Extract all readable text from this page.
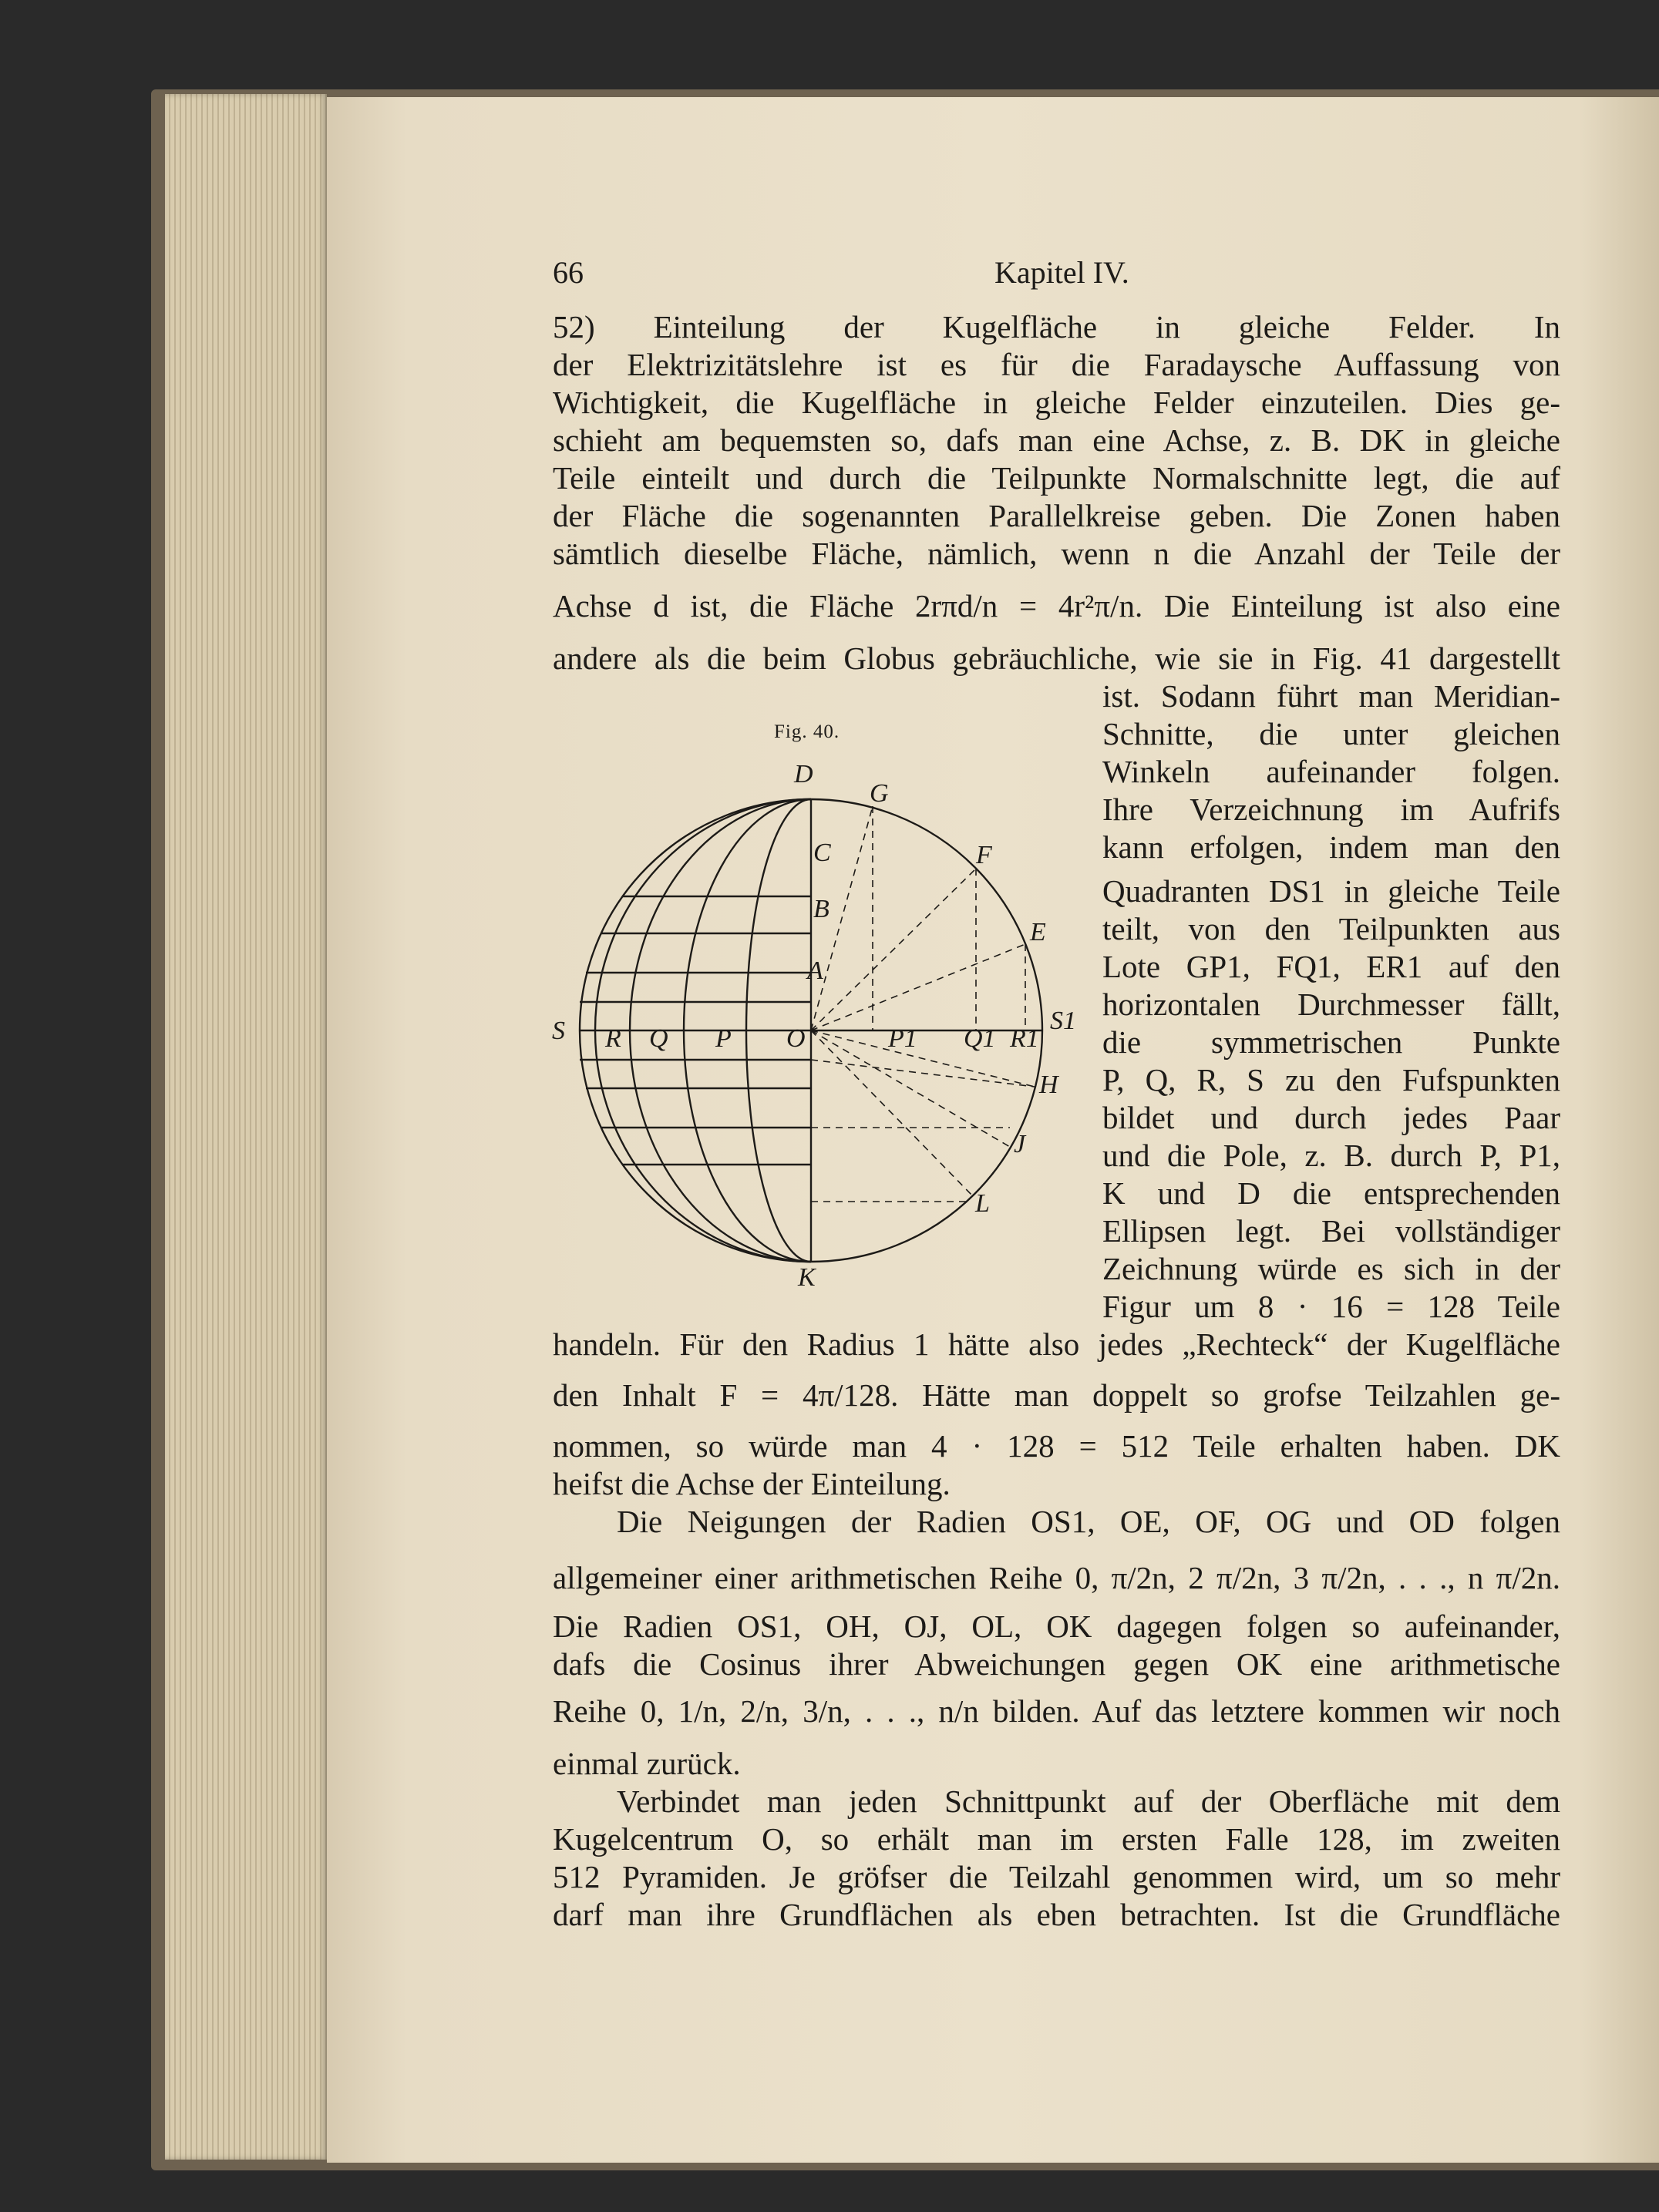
66	Kapitel IV.
52) Einteilung der Kugelfläche in gleiche Felder. In
der Elektrizitätslehre ist es für die Faradaysche Auffassung von
Wichtigkeit, die Kugelfläche in gleiche Felder einzuteilen. Dies ge-
schieht am bequemsten so, dafs man eine Achse, z. B. DK in gleiche
Teile einteilt und durch die Teilpunkte Normalschnitte legt, die auf
der Fläche die sogenannten Parallelkreise geben. Die Zonen haben
sämtlich dieselbe Fläche, nämlich, wenn n die Anzahl der Teile der
Achse d ist, die Fläche 2rπd/n = 4r²π/n. Die Einteilung ist also eine
andere als die beim Globus gebräuchliche, wie sie in Fig. 41 dargestellt
ist. Sodann führt man Meridian-
Schnitte, die unter gleichen
Winkeln aufeinander folgen.
Ihre Verzeichnung im Aufrifs
kann erfolgen, indem man den
Quadranten DS1 in gleiche Teile
teilt, von den Teilpunkten aus
Lote GP1, FQ1, ER1 auf den
horizontalen Durchmesser fällt,
die symmetrischen Punkte
P, Q, R, S zu den Fufspunkten
bildet und durch jedes Paar
und die Pole, z. B. durch P, P1,
K und D die entsprechenden
Ellipsen legt. Bei vollständiger
Zeichnung würde es sich in der
Figur um 8 · 16 = 128 Teile
handeln. Für den Radius 1 hätte also jedes „Rechteck“ der Kugelfläche
den Inhalt F = 4π/128. Hätte man doppelt so grofse Teilzahlen ge-
nommen, so würde man 4 · 128 = 512 Teile erhalten haben. DK
heifst die Achse der Einteilung.
Die Neigungen der Radien OS1, OE, OF, OG und OD folgen
allgemeiner einer arithmetischen Reihe 0, π/2n, 2 π/2n, 3 π/2n, . . ., n π/2n.
Die Radien OS1, OH, OJ, OL, OK dagegen folgen so aufeinander,
dafs die Cosinus ihrer Abweichungen gegen OK eine arithmetische
Reihe 0, 1/n, 2/n, 3/n, . . ., n/n bilden. Auf das letztere kommen wir noch
einmal zurück.
Verbindet man jeden Schnittpunkt auf der Oberfläche mit dem
Kugelcentrum O, so erhält man im ersten Falle 128, im zweiten
512 Pyramiden. Je gröfser die Teilzahl genommen wird, um so mehr
darf man ihre Grundflächen als eben betrachten. Ist die Grundfläche
Fig. 40.
D
G
C	F
B
E
A
S R Q P O	P1 Q1 R1
S1
H
J
L
K
